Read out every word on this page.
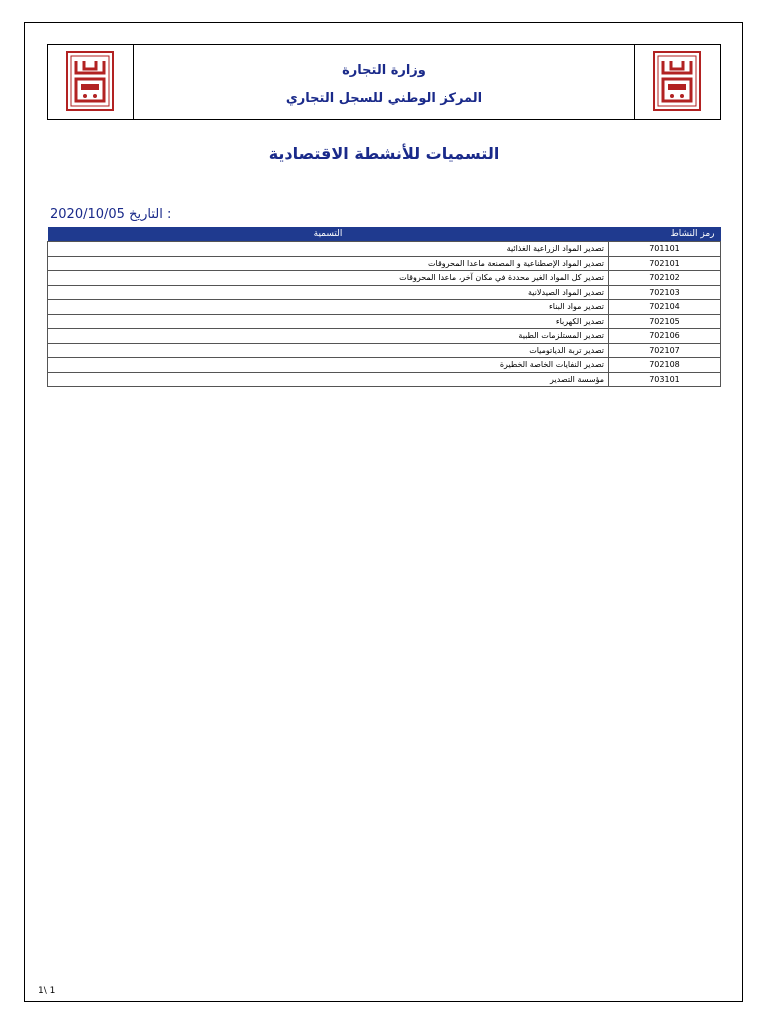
وزارة التجارة
المركز الوطني للسجل التجاري
التسميات للأنشطة الاقتصادية
2020/10/05 التاريخ :
التسمية	رمز النشاط
تصدير المواد الزراعية الغذائية	701101
تصدير المواد الإصطناعية و المصنعة ماعدا المحروقات	702101
تصدير كل المواد الغير محددة في مكان آخر، ماعدا المحروقات	702102
تصدير المواد الصيدلانية	702103
تصدير مواد البناء	702104
تصدير الكهرباء	702105
تصدير المستلزمات الطبية	702106
تصدير تربة الدياتوميات	702107
تصدير النفايات الخاصة الخطيرة	702108
مؤسسة التصدير	703101
1\ 1
